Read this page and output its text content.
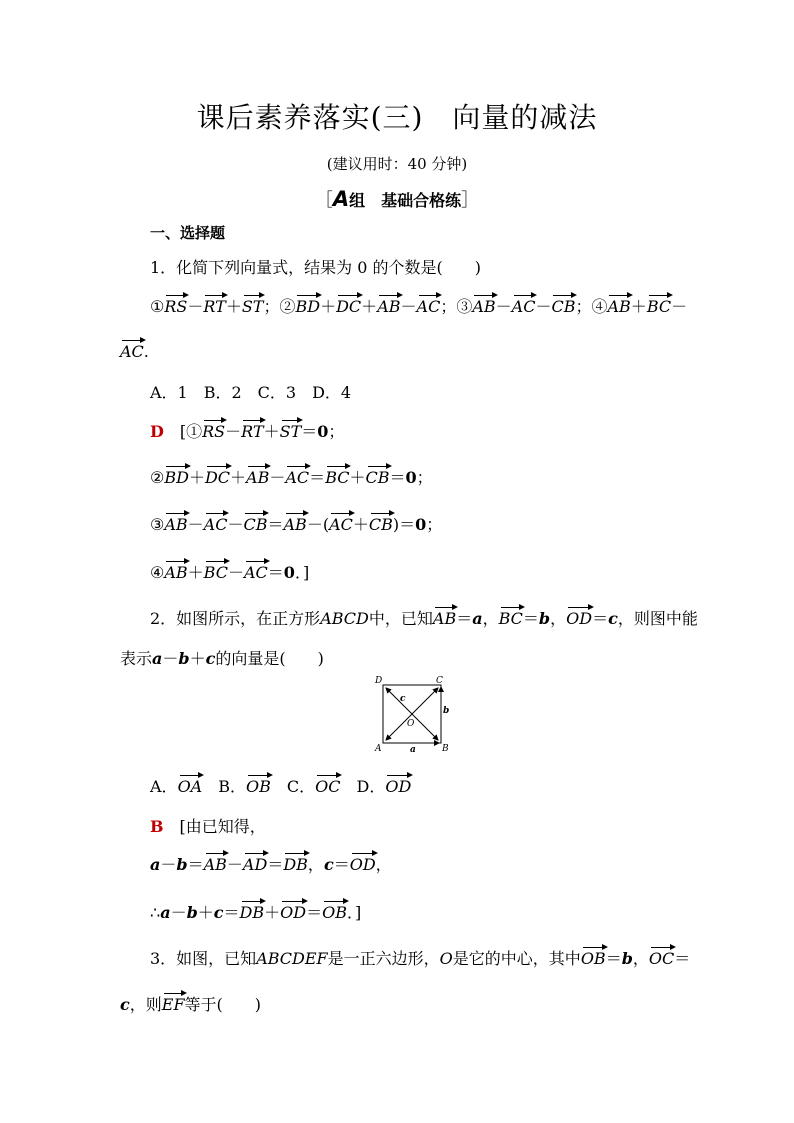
课后素养落实(三)　向量的减法
(建议用时：40 分钟)
［A组　基础合格练］
一、选择题
1．化简下列向量式，结果为 0 的个数是(　　)
①RS－RT＋ST；②BD＋DC＋AB－AC；③AB－AC－CB；④AB＋BC－
AC.
A．1　B．2　C．3　D．4
D　[①RS－RT＋ST＝0；
②BD＋DC＋AB－AC＝BC＋CB＝0；
③AB－AC－CB＝AB－(AC＋CB)＝0；
④AB＋BC－AC＝0．]
2．如图所示，在正方形ABCD中，已知AB＝a，BC＝b，OD＝c，则图中能
表示a－b＋c的向量是(　　)
D	C
A	B
O
a
b
c
A．OA　B．OB　C．OC　D．OD
B　 [由已知得，
a－b＝AB－AD＝DB，c＝OD，
∴a－b＋c＝DB＋OD＝OB．]
3．如图，已知ABCDEF是一正六边形，O是它的中心，其中OB＝b，OC＝
c，则EF等于(　　)
